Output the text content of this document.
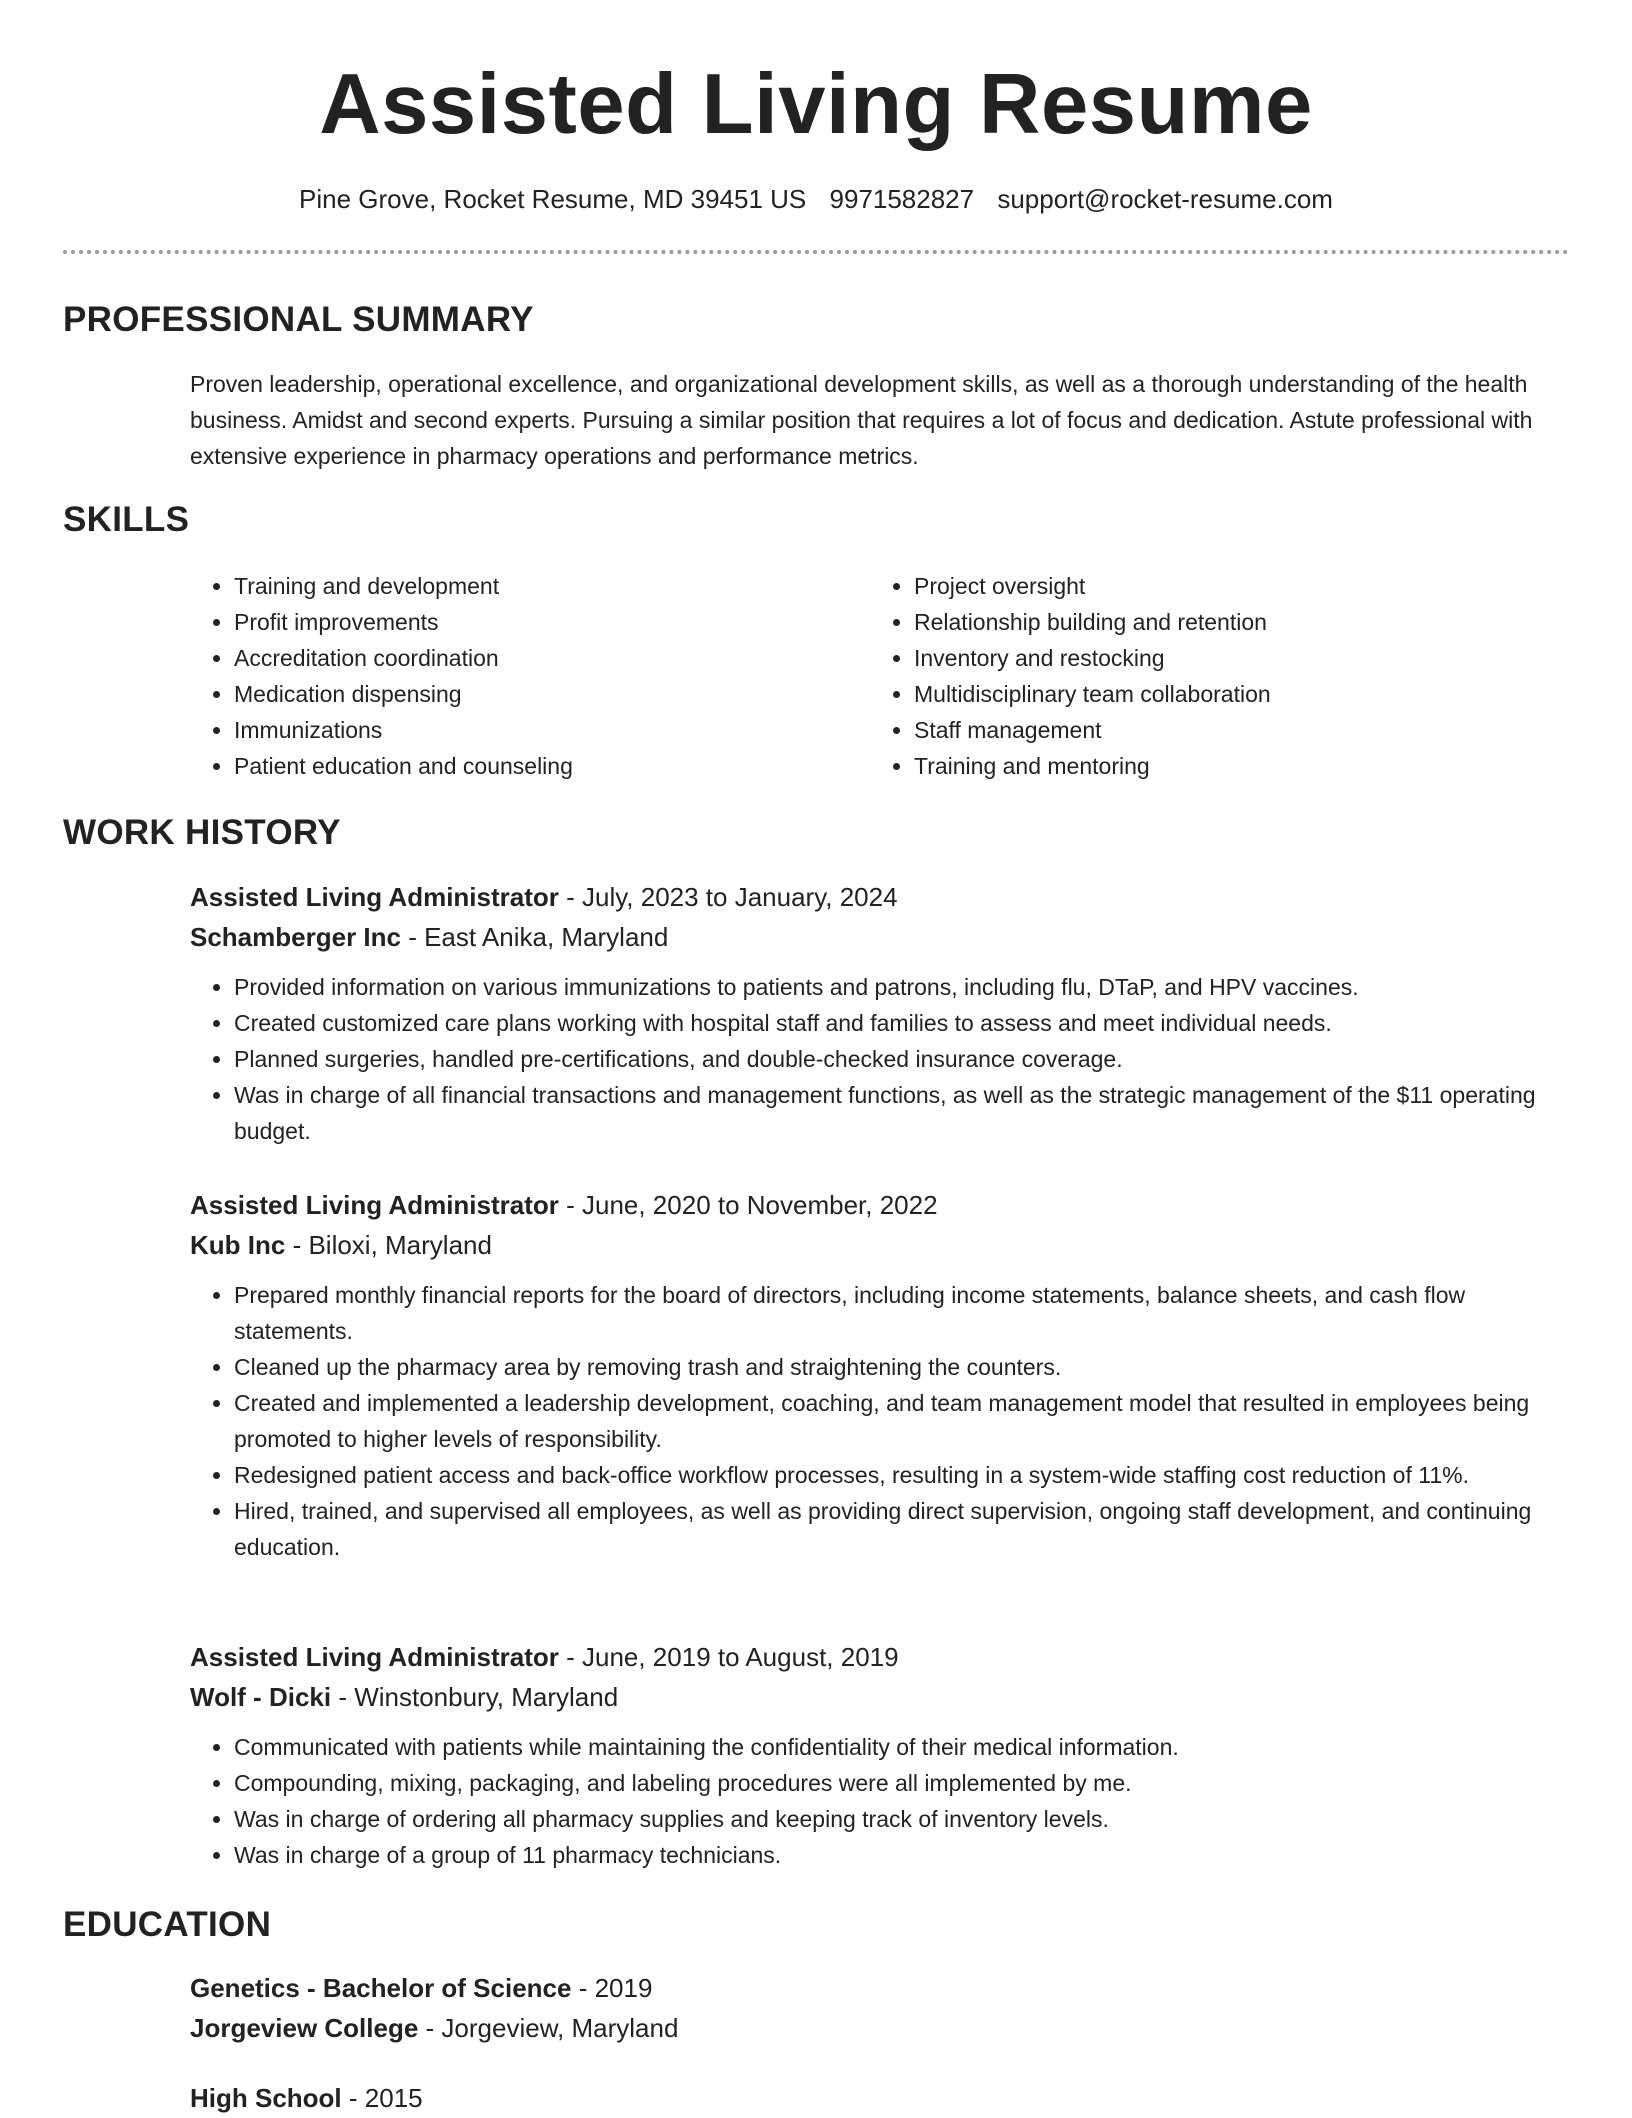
Assisted Living Resume
Pine Grove, Rocket Resume, MD 39451 US 9971582827 support@rocket-resume.com
PROFESSIONAL SUMMARY

Proven leadership, operational excellence, and organizational development skills, as well as a thorough understanding of the health business. Amidst and second experts. Pursuing a similar position that requires a lot of focus and dedication. Astute professional with extensive experience in pharmacy operations and performance metrics.

SKILLS
• Training and development
• Profit improvements
• Accreditation coordination
• Medication dispensing
• Immunizations
• Patient education and counseling
• Project oversight
• Relationship building and retention
• Inventory and restocking
• Multidisciplinary team collaboration
• Staff management
• Training and mentoring
WORK HISTORY
Assisted Living Administrator - July, 2023 to January, 2024
Schamberger Inc - East Anika, Maryland
• Provided information on various immunizations to patients and patrons, including flu, DTaP, and HPV vaccines.
• Created customized care plans working with hospital staff and families to assess and meet individual needs.
• Planned surgeries, handled pre-certifications, and double-checked insurance coverage.
• Was in charge of all financial transactions and management functions, as well as the strategic management of the $11 operating budget.
Assisted Living Administrator - June, 2020 to November, 2022
Kub Inc - Biloxi, Maryland
• Prepared monthly financial reports for the board of directors, including income statements, balance sheets, and cash flow statements.
• Cleaned up the pharmacy area by removing trash and straightening the counters.
• Created and implemented a leadership development, coaching, and team management model that resulted in employees being promoted to higher levels of responsibility.
• Redesigned patient access and back-office workflow processes, resulting in a system-wide staffing cost reduction of 11%.
• Hired, trained, and supervised all employees, as well as providing direct supervision, ongoing staff development, and continuing education.
Assisted Living Administrator - June, 2019 to August, 2019
Wolf - Dicki - Winstonbury, Maryland
• Communicated with patients while maintaining the confidentiality of their medical information.
• Compounding, mixing, packaging, and labeling procedures were all implemented by me.
• Was in charge of ordering all pharmacy supplies and keeping track of inventory levels.
• Was in charge of a group of 11 pharmacy technicians.
EDUCATION
Genetics - Bachelor of Science - 2019
Jorgeview College - Jorgeview, Maryland
High School - 2015
